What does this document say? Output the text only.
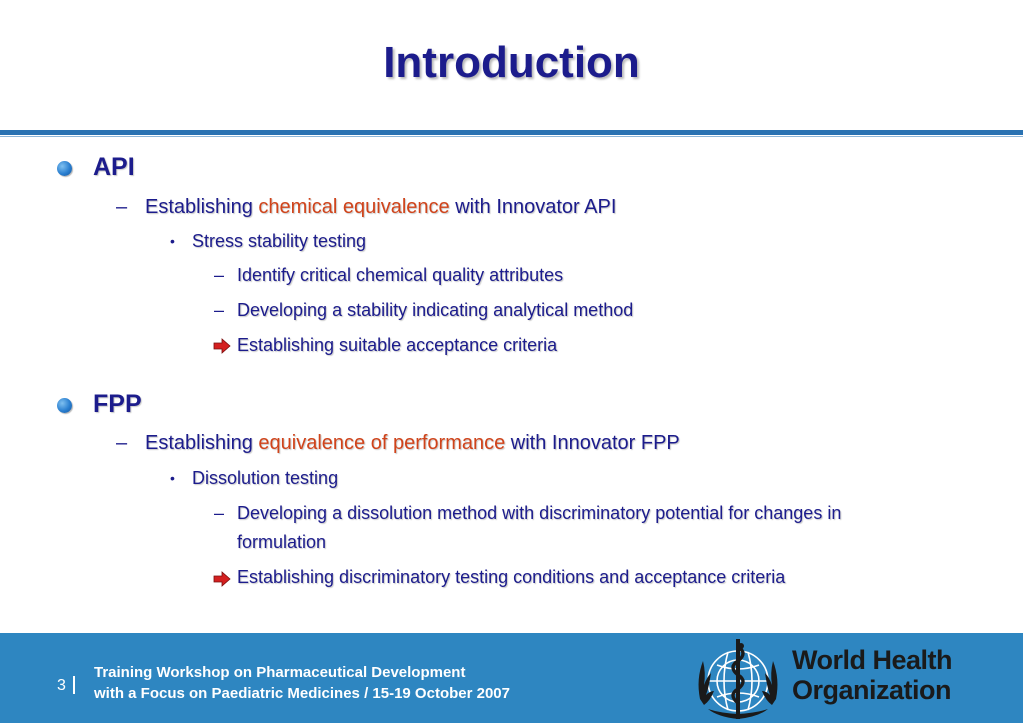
Introduction
API
– Establishing chemical equivalence with Innovator API
• Stress stability testing
– Identify critical chemical quality attributes
– Developing a stability indicating analytical method
Establishing suitable acceptance criteria
FPP
– Establishing equivalence of performance with Innovator FPP
• Dissolution testing
– Developing a dissolution method with discriminatory potential for changes in
formulation
Establishing discriminatory testing conditions and acceptance criteria
3
Training Workshop on Pharmaceutical Development
with a Focus on Paediatric Medicines / 15-19 October 2007
World Health
Organization
